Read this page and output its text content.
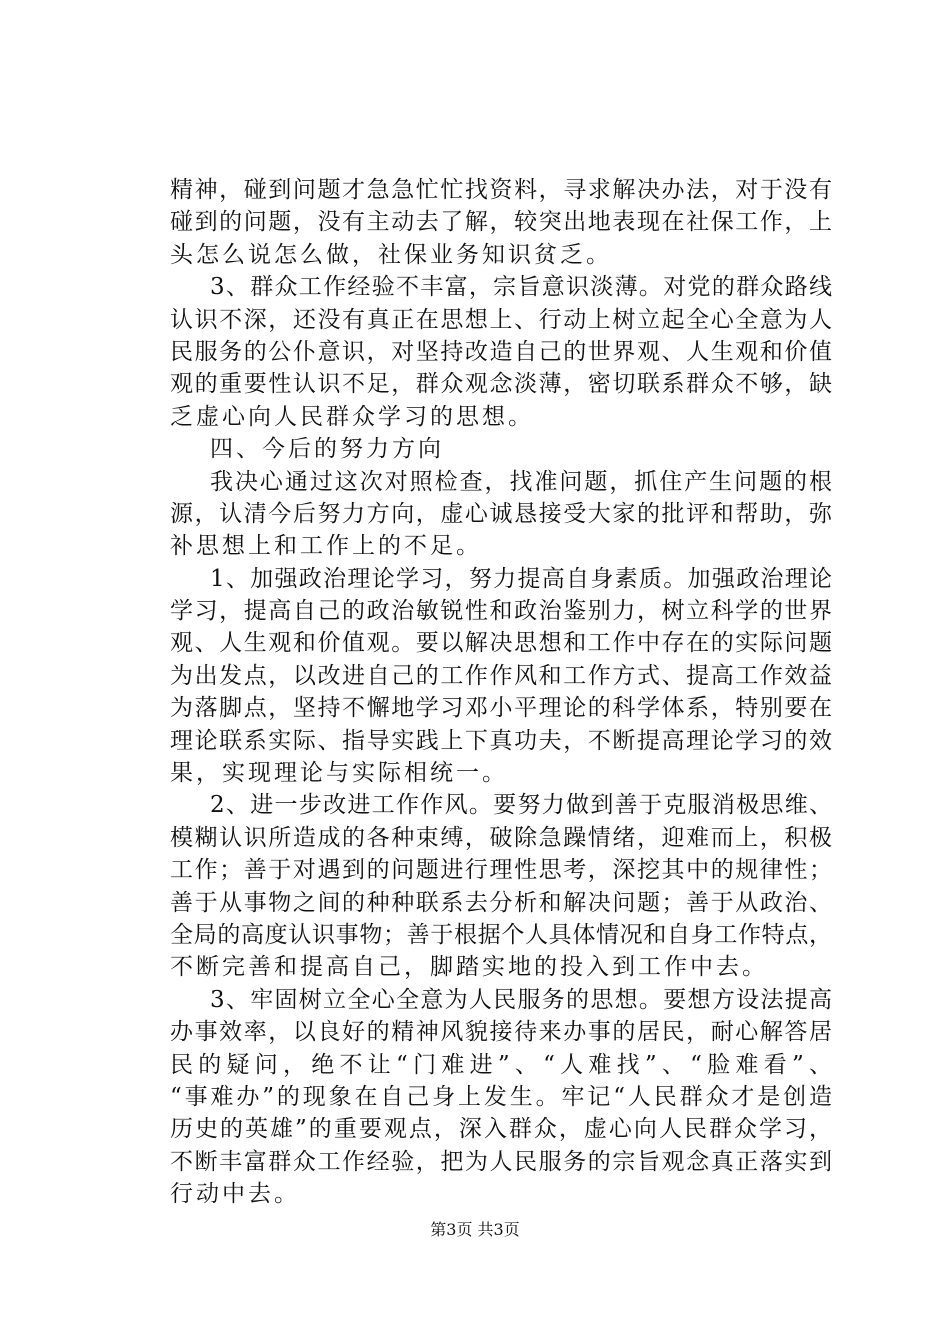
精神，碰到问题才急急忙忙找资料，寻求解决办法，对于没有
碰到的问题，没有主动去了解，较突出地表现在社保工作，上
头怎么说怎么做，社保业务知识贫乏。
3、群众工作经验不丰富，宗旨意识淡薄。对党的群众路线
认识不深，还没有真正在思想上、行动上树立起全心全意为人
民服务的公仆意识，对坚持改造自己的世界观、人生观和价值
观的重要性认识不足，群众观念淡薄，密切联系群众不够，缺
乏虚心向人民群众学习的思想。
四、今后的努力方向
我决心通过这次对照检查，找准问题，抓住产生问题的根
源，认清今后努力方向，虚心诚恳接受大家的批评和帮助，弥
补思想上和工作上的不足。
1、加强政治理论学习，努力提高自身素质。加强政治理论
学习，提高自己的政治敏锐性和政治鉴别力，树立科学的世界
观、人生观和价值观。要以解决思想和工作中存在的实际问题
为出发点，以改进自己的工作作风和工作方式、提高工作效益
为落脚点，坚持不懈地学习邓小平理论的科学体系，特别要在
理论联系实际、指导实践上下真功夫，不断提高理论学习的效
果，实现理论与实际相统一。
2、进一步改进工作作风。要努力做到善于克服消极思维、
模糊认识所造成的各种束缚，破除急躁情绪，迎难而上，积极
工作；善于对遇到的问题进行理性思考，深挖其中的规律性；
善于从事物之间的种种联系去分析和解决问题；善于从政治、
全局的高度认识事物；善于根据个人具体情况和自身工作特点，
不断完善和提高自己，脚踏实地的投入到工作中去。
3、牢固树立全心全意为人民服务的思想。要想方设法提高
办事效率，以良好的精神风貌接待来办事的居民，耐心解答居
民的疑问，绝不让“门难进”、“人难找”、“脸难看”、
“事难办”的现象在自己身上发生。牢记“人民群众才是创造
历史的英雄”的重要观点，深入群众，虚心向人民群众学习，
不断丰富群众工作经验，把为人民服务的宗旨观念真正落实到
行动中去。
第3页 共3页
